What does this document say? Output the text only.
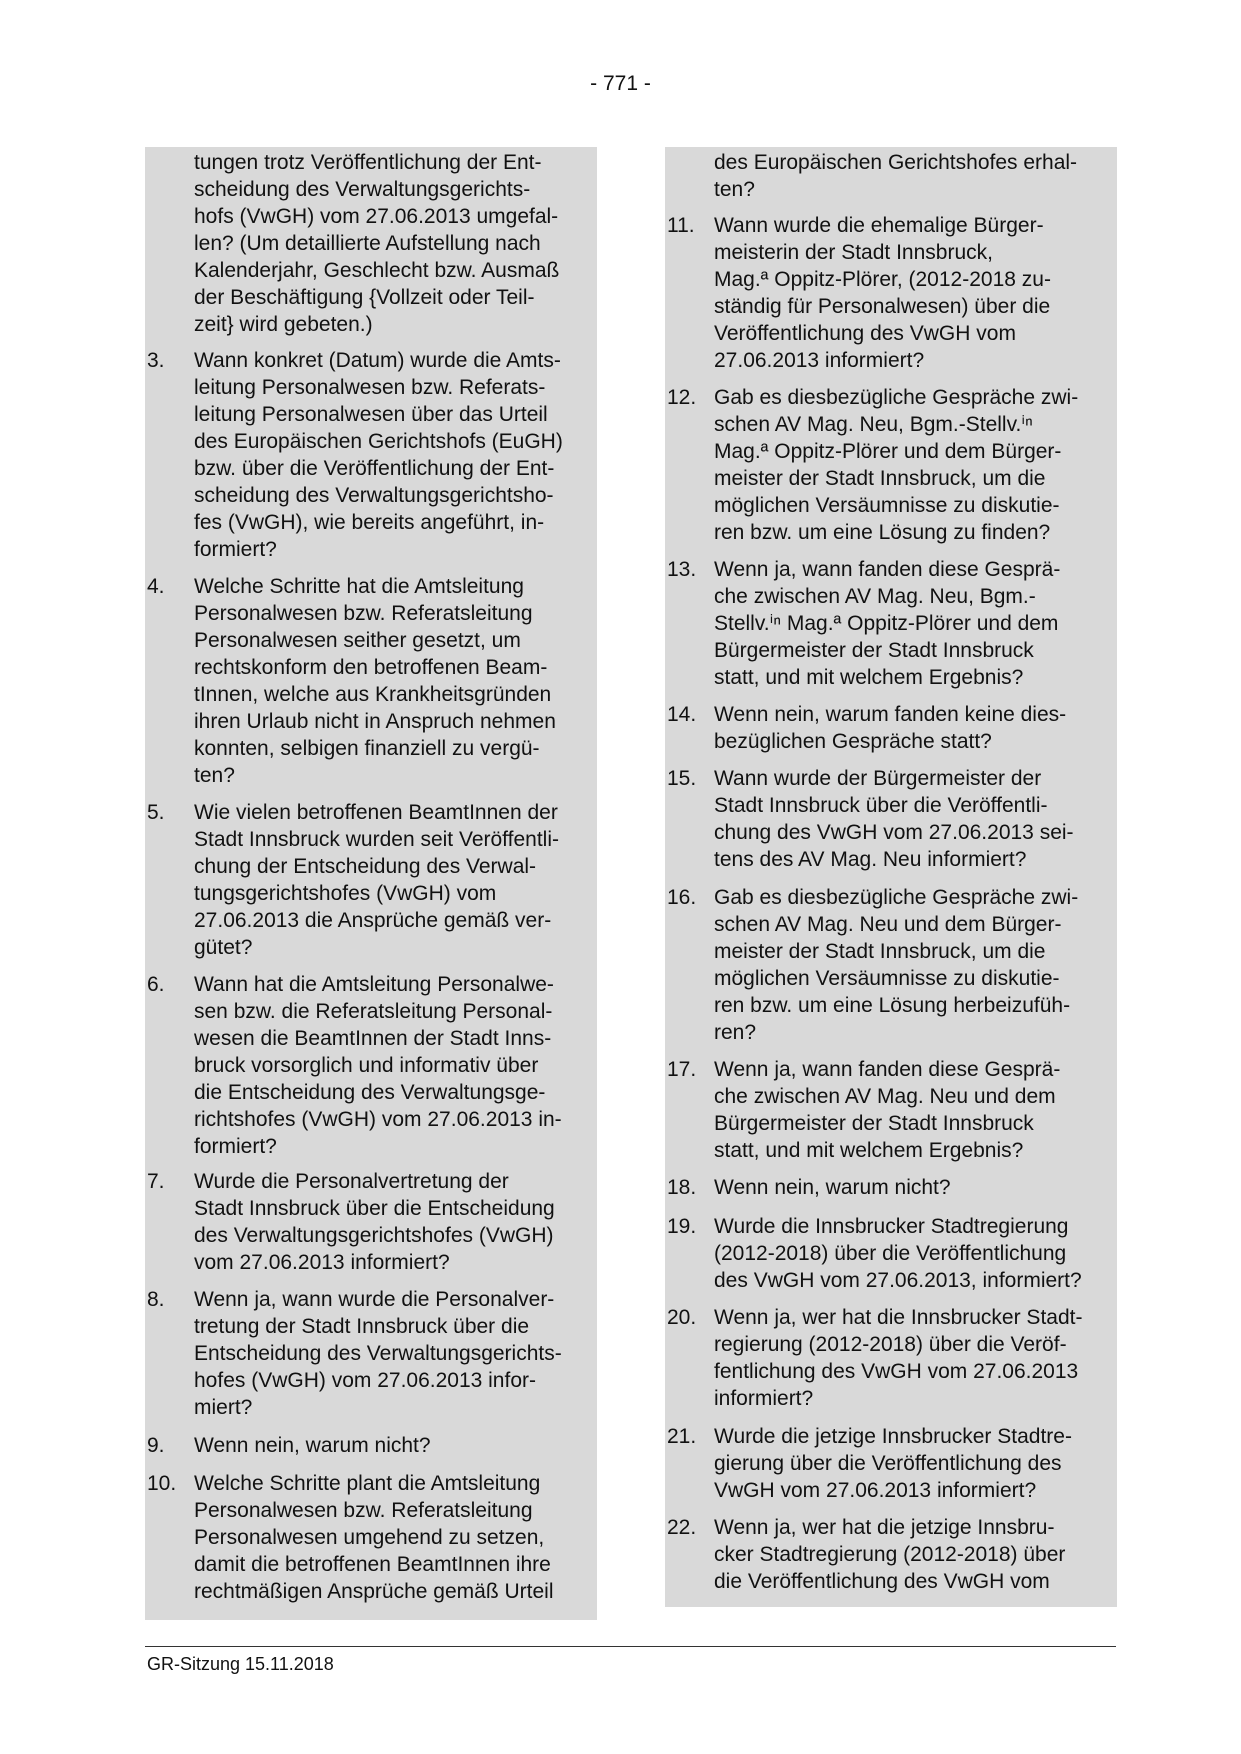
- 771 -
tungen trotz Veröffentlichung der Ent-
scheidung des Verwaltungsgerichts-
hofs (VwGH) vom 27.06.2013 umgefal-
len? (Um detaillierte Aufstellung nach
Kalenderjahr, Geschlecht bzw. Ausmaß
der Beschäftigung {Vollzeit oder Teil-
zeit} wird gebeten.)
3.	Wann konkret (Datum) wurde die Amts-
leitung Personalwesen bzw. Referats-
leitung Personalwesen über das Urteil
des Europäischen Gerichtshofs (EuGH)
bzw. über die Veröffentlichung der Ent-
scheidung des Verwaltungsgerichtsho-
fes (VwGH), wie bereits angeführt, in-
formiert?
4.	Welche Schritte hat die Amtsleitung
Personalwesen bzw. Referatsleitung
Personalwesen seither gesetzt, um
rechtskonform den betroffenen Beam-
tInnen, welche aus Krankheitsgründen
ihren Urlaub nicht in Anspruch nehmen
konnten, selbigen finanziell zu vergü-
ten?
5.	Wie vielen betroffenen BeamtInnen der
Stadt Innsbruck wurden seit Veröffentli-
chung der Entscheidung des Verwal-
tungsgerichtshofes (VwGH) vom
27.06.2013 die Ansprüche gemäß ver-
gütet?
6.	Wann hat die Amtsleitung Personalwe-
sen bzw. die Referatsleitung Personal-
wesen die BeamtInnen der Stadt Inns-
bruck vorsorglich und informativ über
die Entscheidung des Verwaltungsge-
richtshofes (VwGH) vom 27.06.2013 in-
formiert?
7.	Wurde die Personalvertretung der
Stadt Innsbruck über die Entscheidung
des Verwaltungsgerichtshofes (VwGH)
vom 27.06.2013 informiert?
8.	Wenn ja, wann wurde die Personalver-
tretung der Stadt Innsbruck über die
Entscheidung des Verwaltungsgerichts-
hofes (VwGH) vom 27.06.2013 infor-
miert?
9.	Wenn nein, warum nicht?
10. Welche Schritte plant die Amtsleitung
Personalwesen bzw. Referatsleitung
Personalwesen umgehend zu setzen,
damit die betroffenen BeamtInnen ihre
rechtmäßigen Ansprüche gemäß Urteil
des Europäischen Gerichtshofes erhal-
ten?
11. Wann wurde die ehemalige Bürger-
meisterin der Stadt Innsbruck,
Mag.ª Oppitz-Plörer, (2012-2018 zu-
ständig für Personalwesen) über die
Veröffentlichung des VwGH vom
27.06.2013 informiert?
12. Gab es diesbezügliche Gespräche zwi-
schen AV Mag. Neu, Bgm.-Stellv.ⁱⁿ
Mag.ª Oppitz-Plörer und dem Bürger-
meister der Stadt Innsbruck, um die
möglichen Versäumnisse zu diskutie-
ren bzw. um eine Lösung zu finden?
13. Wenn ja, wann fanden diese Gesprä-
che zwischen AV Mag. Neu, Bgm.-
Stellv.ⁱⁿ Mag.ª Oppitz-Plörer und dem
Bürgermeister der Stadt Innsbruck
statt, und mit welchem Ergebnis?
14. Wenn nein, warum fanden keine dies-
bezüglichen Gespräche statt?
15. Wann wurde der Bürgermeister der
Stadt Innsbruck über die Veröffentli-
chung des VwGH vom 27.06.2013 sei-
tens des AV Mag. Neu informiert?
16. Gab es diesbezügliche Gespräche zwi-
schen AV Mag. Neu und dem Bürger-
meister der Stadt Innsbruck, um die
möglichen Versäumnisse zu diskutie-
ren bzw. um eine Lösung herbeizufüh-
ren?
17. Wenn ja, wann fanden diese Gesprä-
che zwischen AV Mag. Neu und dem
Bürgermeister der Stadt Innsbruck
statt, und mit welchem Ergebnis?
18. Wenn nein, warum nicht?
19. Wurde die Innsbrucker Stadtregierung
(2012-2018) über die Veröffentlichung
des VwGH vom 27.06.2013, informiert?
20. Wenn ja, wer hat die Innsbrucker Stadt-
regierung (2012-2018) über die Veröf-
fentlichung des VwGH vom 27.06.2013
informiert?
21. Wurde die jetzige Innsbrucker Stadtre-
gierung über die Veröffentlichung des
VwGH vom 27.06.2013 informiert?
22. Wenn ja, wer hat die jetzige Innsbru-
cker Stadtregierung (2012-2018) über
die Veröffentlichung des VwGH vom
GR-Sitzung 15.11.2018
